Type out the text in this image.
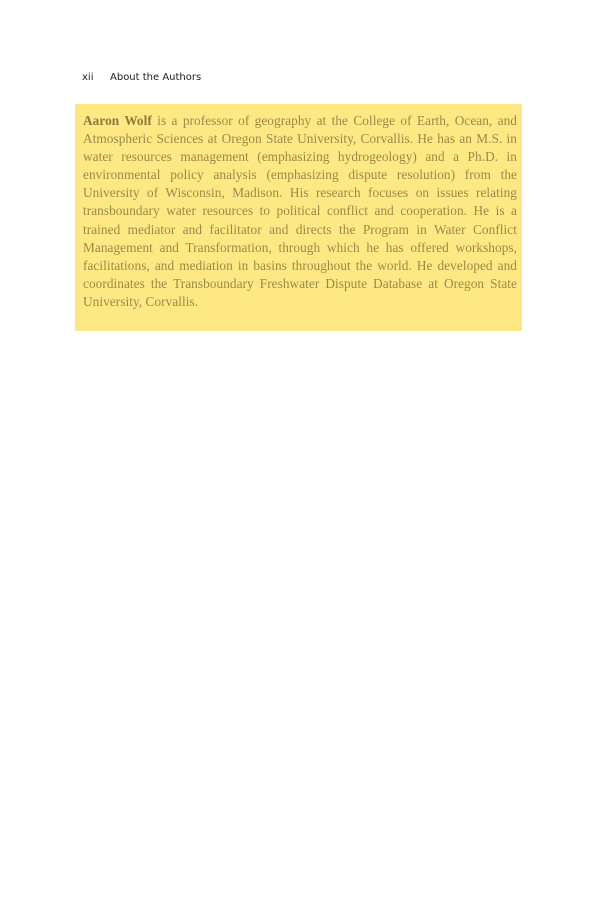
xii About the Authors
Aaron Wolf is a professor of geography at the College of Earth, Ocean, and Atmospheric Sciences at Oregon State University, Corvallis. He has an M.S. in water resources management (emphasizing hydrogeology) and a Ph.D. in environmental policy analysis (emphasizing dispute resolution) from the University of Wisconsin, Madison. His research focuses on issues relating transboundary water resources to political conflict and cooperation. He is a trained mediator and facilitator and directs the Program in Water Conflict Management and Transformation, through which he has offered workshops, facilitations, and mediation in basins throughout the world. He developed and coordinates the Transboundary Freshwater Dispute Database at Oregon State University, Corvallis.
